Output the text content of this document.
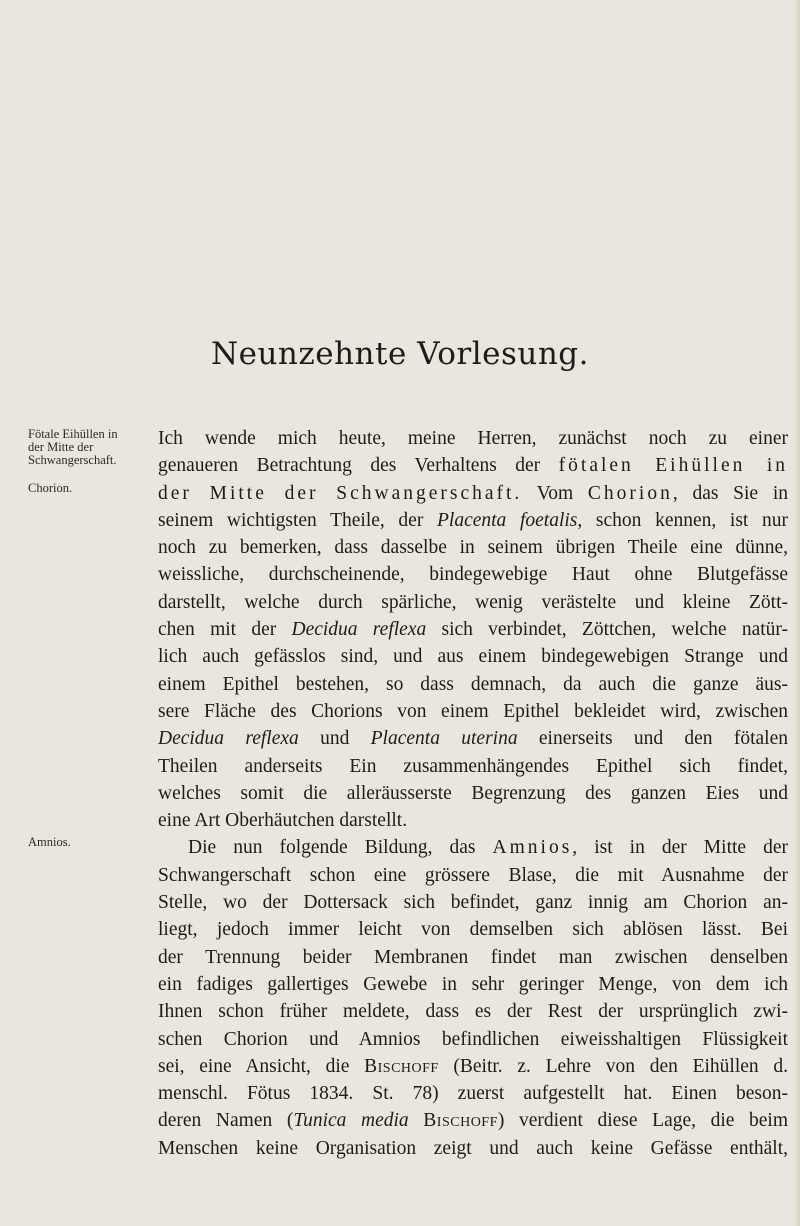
Neunzehnte Vorlesung.
Fötale Eihüllen in der Mitte der Schwangerschaft.
Chorion.
Amnios.

Ich wende mich heute, meine Herren, zunächst noch zu einer
genaueren Betrachtung des Verhaltens der fötalen Eihüllen in
der Mitte der Schwangerschaft. Vom Chorion, das Sie in
seinem wichtigsten Theile, der Placenta foetalis, schon kennen, ist nur
noch zu bemerken, dass dasselbe in seinem übrigen Theile eine dünne,
weissliche, durchscheinende, bindegewebige Haut ohne Blutgefässe
darstellt, welche durch spärliche, wenig verästelte und kleine Zött-
chen mit der Decidua reflexa sich verbindet, Zöttchen, welche natür-
lich auch gefässlos sind, und aus einem bindegewebigen Strange und
einem Epithel bestehen, so dass demnach, da auch die ganze äus-
sere Fläche des Chorions von einem Epithel bekleidet wird, zwischen
Decidua reflexa und Placenta uterina einerseits und den fötalen
Theilen anderseits Ein zusammenhängendes Epithel sich findet,
welches somit die alleräusserste Begrenzung des ganzen Eies und
eine Art Oberhäutchen darstellt.
Die nun folgende Bildung, das Amnios, ist in der Mitte der
Schwangerschaft schon eine grössere Blase, die mit Ausnahme der
Stelle, wo der Dottersack sich befindet, ganz innig am Chorion an-
liegt, jedoch immer leicht von demselben sich ablösen lässt. Bei
der Trennung beider Membranen findet man zwischen denselben
ein fadiges gallertiges Gewebe in sehr geringer Menge, von dem ich
Ihnen schon früher meldete, dass es der Rest der ursprünglich zwi-
schen Chorion und Amnios befindlichen eiweisshaltigen Flüssigkeit
sei, eine Ansicht, die Bischoff (Beitr. z. Lehre von den Eihüllen d.
menschl. Fötus 1834. St. 78) zuerst aufgestellt hat. Einen beson-
deren Namen (Tunica media Bischoff) verdient diese Lage, die beim
Menschen keine Organisation zeigt und auch keine Gefässe enthält,
